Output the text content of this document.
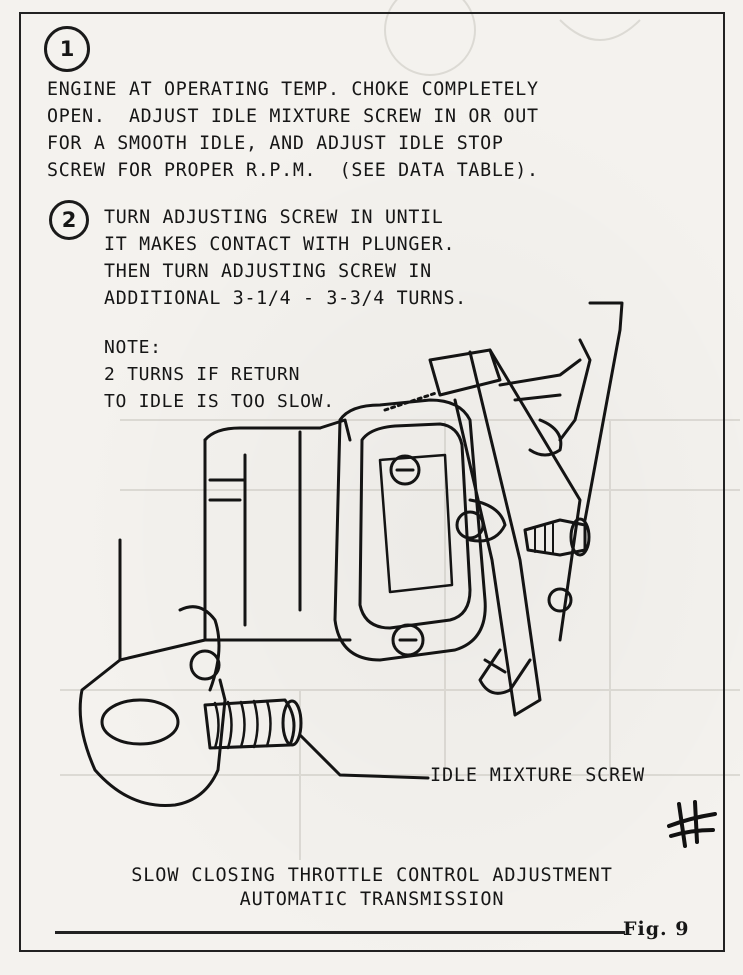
1
ENGINE AT OPERATING TEMP. CHOKE COMPLETELY
OPEN.  ADJUST IDLE MIXTURE SCREW IN OR OUT
FOR A SMOOTH IDLE, AND ADJUST IDLE STOP
SCREW FOR PROPER R.P.M.  (SEE DATA TABLE).
2	TURN ADJUSTING SCREW IN UNTIL
IT MAKES CONTACT WITH PLUNGER.
THEN TURN ADJUSTING SCREW IN
ADDITIONAL 3-1/4 - 3-3/4 TURNS.
NOTE:
2 TURNS IF RETURN
TO IDLE IS TOO SLOW.
IDLE MIXTURE SCREW
SLOW CLOSING THROTTLE CONTROL ADJUSTMENT
AUTOMATIC TRANSMISSION
Fig. 9
